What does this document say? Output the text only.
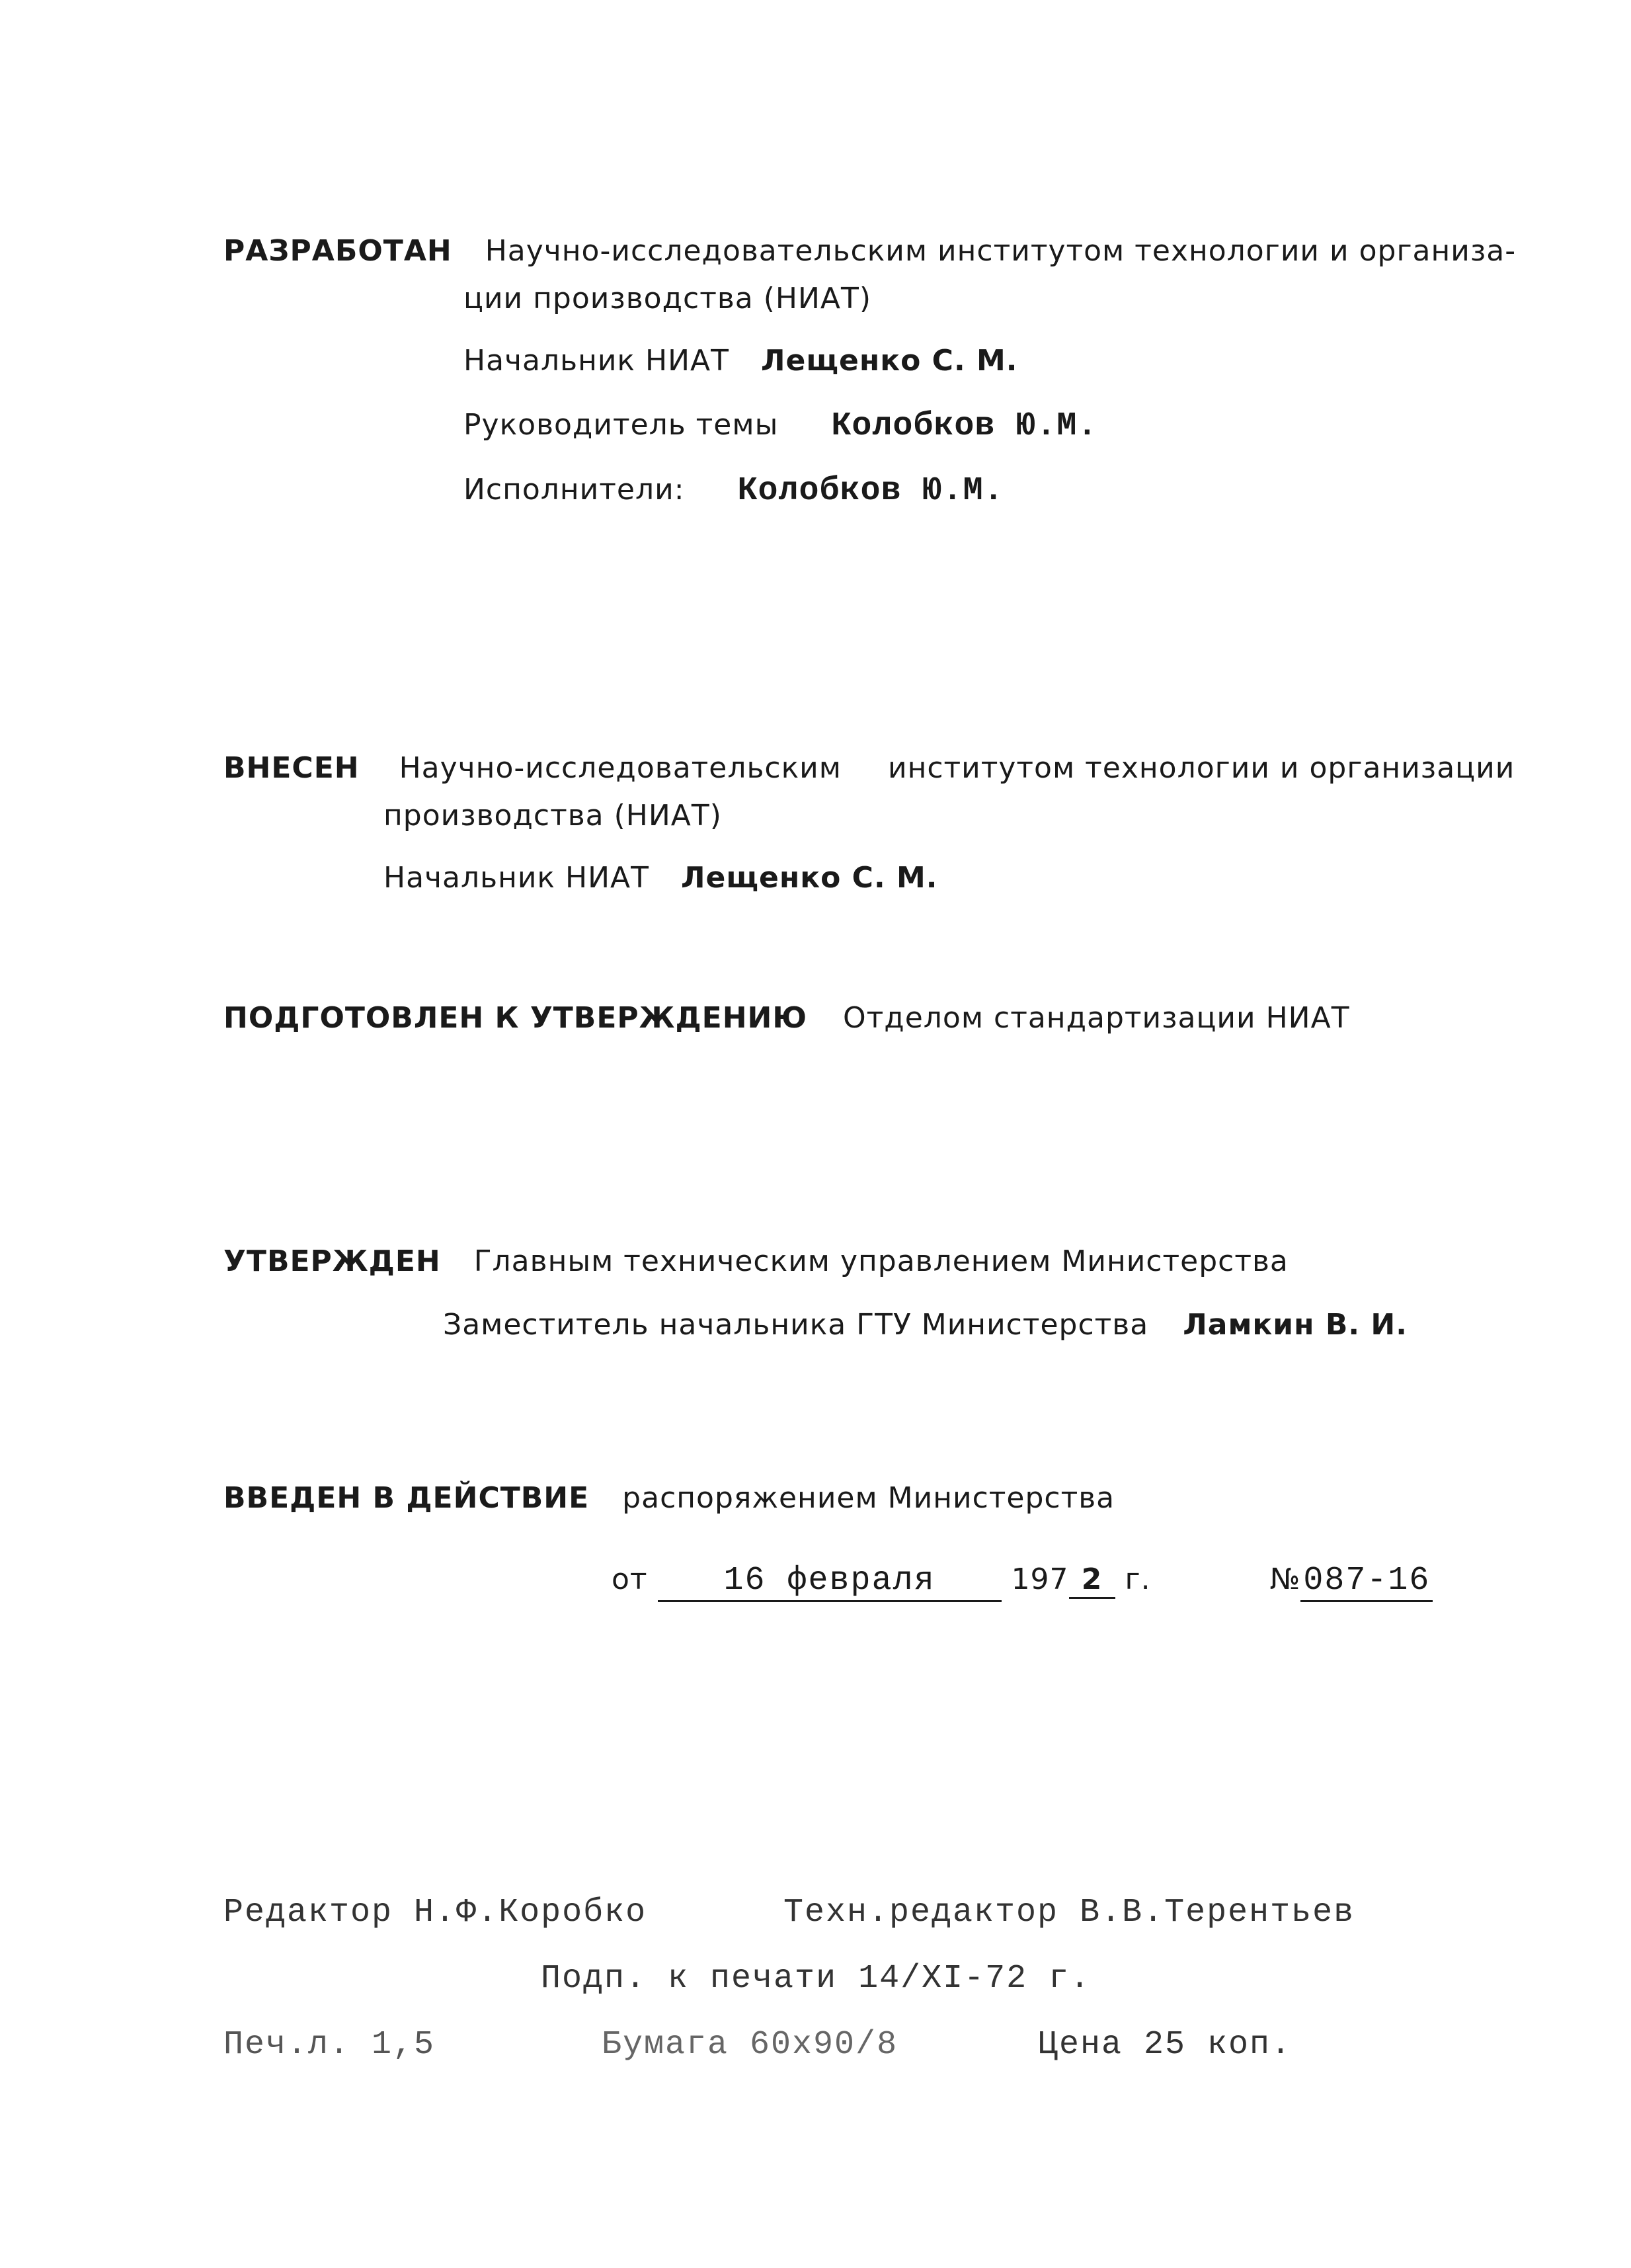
РАЗРАБОТАН Научно-исследовательским институтом технологии и организа-
ции производства (НИАТ)
Начальник НИАТ Лещенко С. М.
Руководитель темы Колобков Ю.М.
Исполнители: Колобков Ю.М.
ВНЕСЕН Научно-исследовательским институтом технологии и организации
производства (НИАТ)
Начальник НИАТ Лещенко С. М.
ПОДГОТОВЛЕН К УТВЕРЖДЕНИЮ Отделом стандартизации НИАТ
УТВЕРЖДЕН Главным техническим управлением Министерства
Заместитель начальника ГТУ Министерства Ламкин В. И.
ВВЕДЕН В ДЕЙСТВИЕ распоряжением Министерства
от 16 февраля	197 2 г.	№087-16
Редактор Н.Ф.Коробко	Техн.редактор В.В.Терентьев
Подп. к печати 14/XI-72 г.
Печ.л. 1,5	Бумага 60х90/8	Цена 25 коп.
